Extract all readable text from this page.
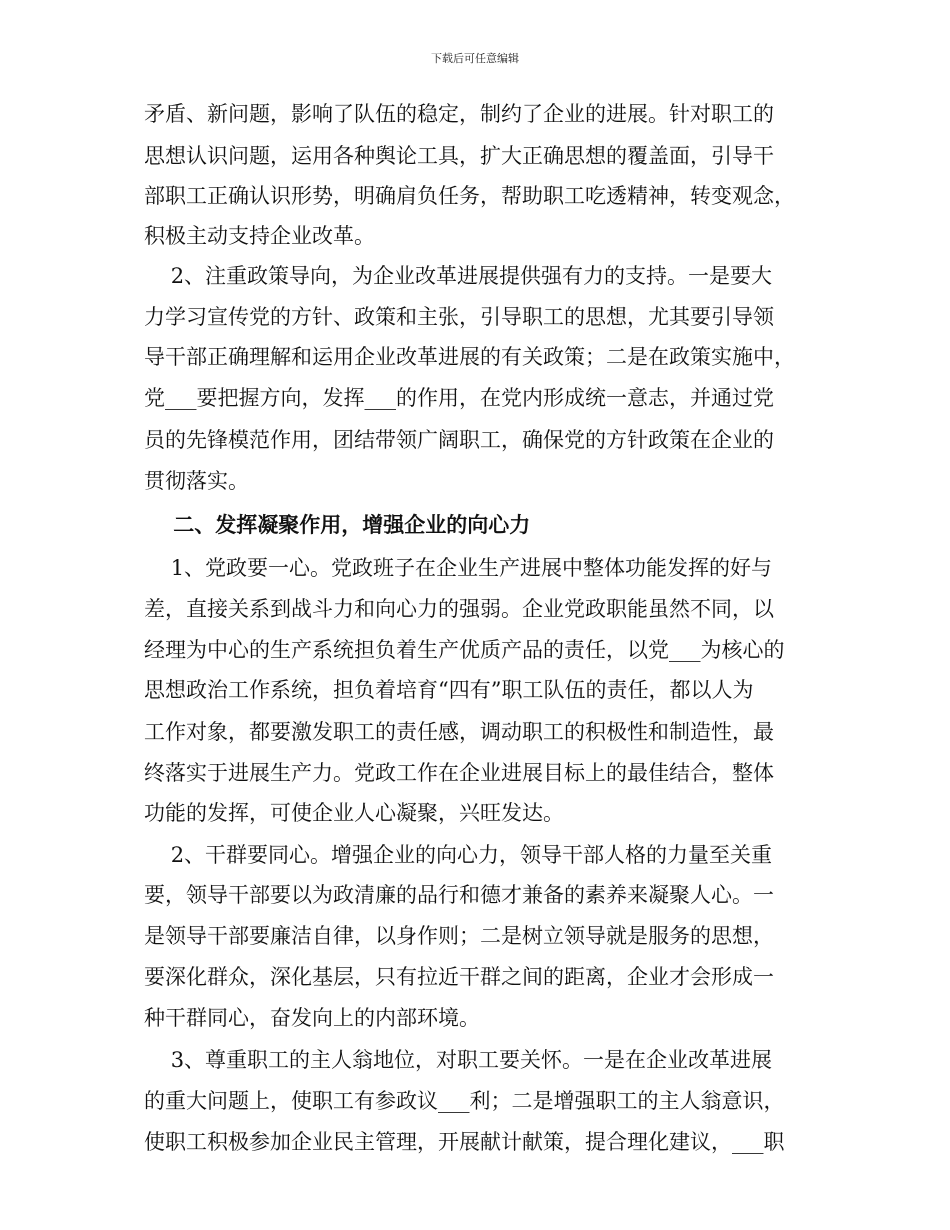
下载后可任意编辑
矛盾、新问题，影响了队伍的稳定，制约了企业的进展。针对职工的
思想认识问题，运用各种舆论工具，扩大正确思想的覆盖面，引导干
部职工正确认识形势，明确肩负任务，帮助职工吃透精神，转变观念，
积极主动支持企业改革。
2、注重政策导向，为企业改革进展提供强有力的支持。一是要大
力学习宣传党的方针、政策和主张，引导职工的思想，尤其要引导领
导干部正确理解和运用企业改革进展的有关政策；二是在政策实施中，
党___要把握方向，发挥___的作用，在党内形成统一意志，并通过党
员的先锋模范作用，团结带领广阔职工，确保党的方针政策在企业的
贯彻落实。
二、发挥凝聚作用，增强企业的向心力
1、党政要一心。党政班子在企业生产进展中整体功能发挥的好与
差，直接关系到战斗力和向心力的强弱。企业党政职能虽然不同，以
经理为中心的生产系统担负着生产优质产品的责任，以党___为核心的
思想政治工作系统，担负着培育“四有”职工队伍的责任，都以人为
工作对象，都要激发职工的责任感，调动职工的积极性和制造性，最
终落实于进展生产力。党政工作在企业进展目标上的最佳结合，整体
功能的发挥，可使企业人心凝聚，兴旺发达。
2、干群要同心。增强企业的向心力，领导干部人格的力量至关重
要，领导干部要以为政清廉的品行和德才兼备的素养来凝聚人心。一
是领导干部要廉洁自律，以身作则；二是树立领导就是服务的思想，
要深化群众，深化基层，只有拉近干群之间的距离，企业才会形成一
种干群同心，奋发向上的内部环境。
3、尊重职工的主人翁地位，对职工要关怀。一是在企业改革进展
的重大问题上，使职工有参政议___利；二是增强职工的主人翁意识，
使职工积极参加企业民主管理，开展献计献策，提合理化建议，___职
